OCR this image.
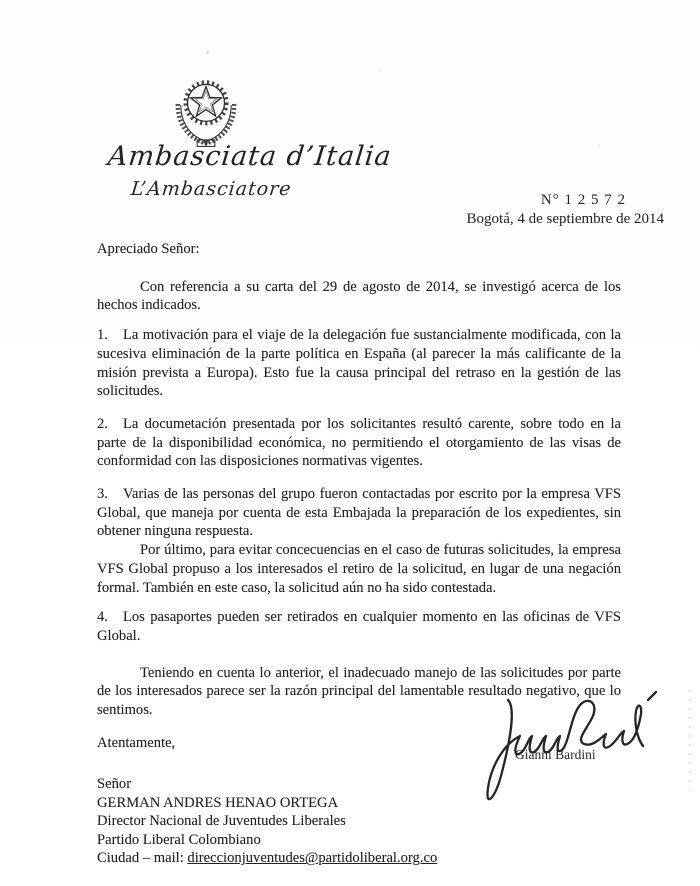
Ambasciata d’Italia
L’Ambasciatore	N° 1 2 5 7 2
Bogotá, 4 de septiembre de 2014

Apreciado Señor:

Con referencia a su carta del 29 de agosto de 2014, se investigó acerca de los hechos indicados.

1. La motivación para el viaje de la delegación fue sustancialmente modificada, con la sucesiva eliminación de la parte política en España (al parecer la más calificante de la misión prevista a Europa). Esto fue la causa principal del retraso en la gestión de las solicitudes.

2. La documetación presentada por los solicitantes resultó carente, sobre todo en la parte de la disponibilidad económica, no permitiendo el otorgamiento de las visas de conformidad con las disposiciones normativas vigentes.

3. Varias de las personas del grupo fueron contactadas por escrito por la empresa VFS Global, que maneja por cuenta de esta Embajada la preparación de los expedientes, sin obtener ninguna respuesta.

Por último, para evitar concecuencias en el caso de futuras solicitudes, la empresa VFS Global propuso a los interesados el retiro de la solicitud, en lugar de una negación formal. También en este caso, la solicitud aún no ha sido contestada.

4. Los pasaportes pueden ser retirados en cualquier momento en las oficinas de VFS Global.

Teniendo en cuenta lo anterior, el inadecuado manejo de las solicitudes por parte de los interesados parece ser la razón principal del lamentable resultado negativo, que lo sentimos.

Atentamente,

Gianni Bardini
Señor
GERMAN ANDRES HENAO ORTEGA
Director Nacional de Juventudes Liberales
Partido Liberal Colombiano
Ciudad – mail: direccionjuventudes@partidoliberal.org.co
